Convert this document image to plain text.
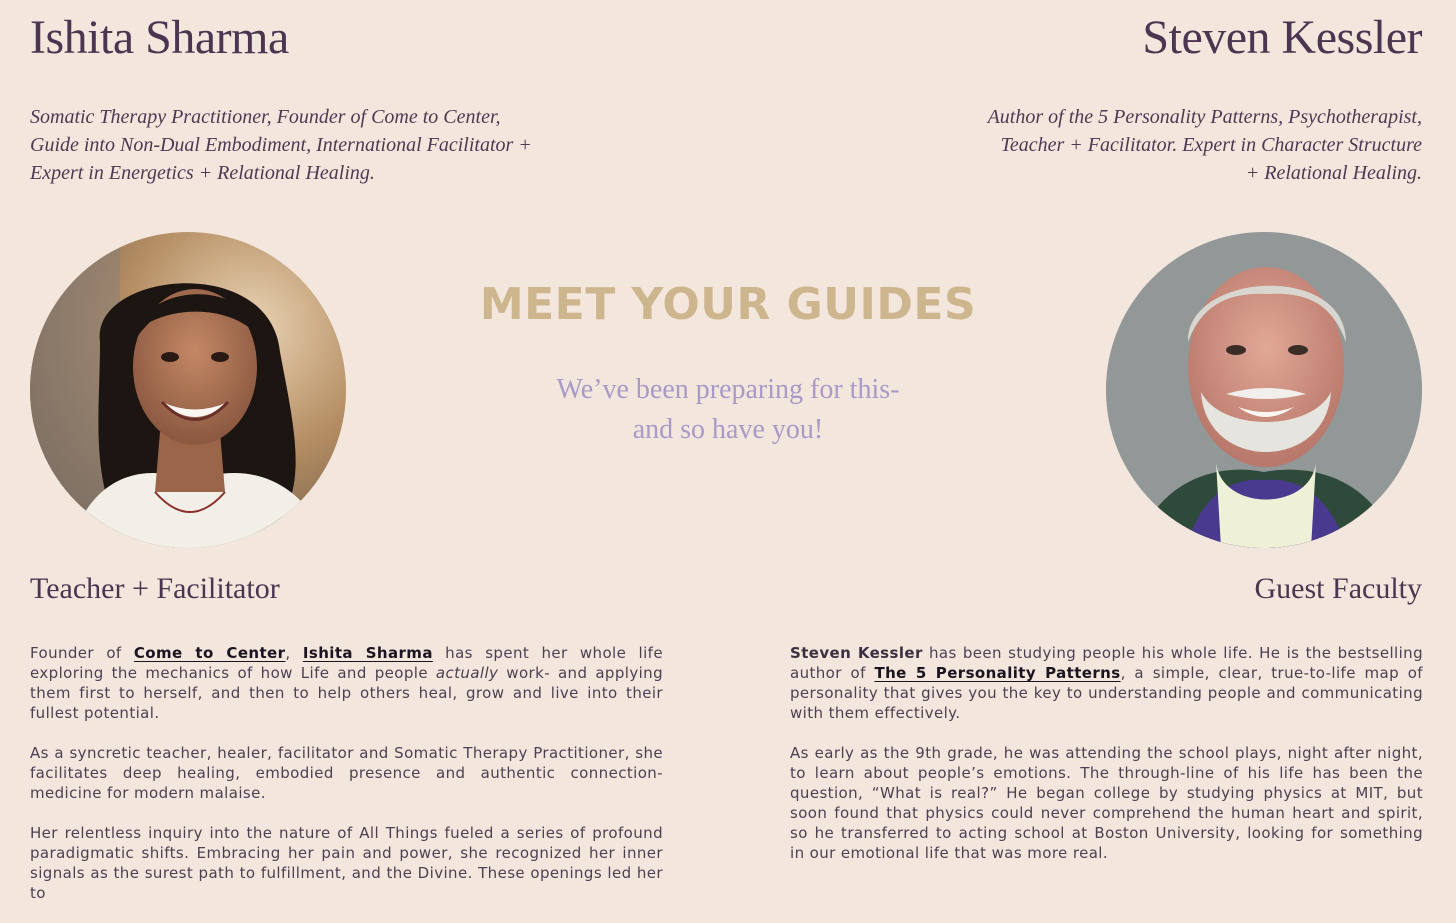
Ishita Sharma
Somatic Therapy Practitioner, Founder of Come to Center,
Guide into Non-Dual Embodiment, International Facilitator +
Expert in Energetics + Relational Healing.
Teacher + Facilitator

Founder of Come to Center, Ishita Sharma has spent her whole life exploring the mechanics of how Life and people actually work- and applying them first to herself, and then to help others heal, grow and live into their fullest potential.

As a syncretic teacher, healer, facilitator and Somatic Therapy Practitioner, she facilitates deep healing, embodied presence and authentic connection- medicine for modern malaise.

Her relentless inquiry into the nature of All Things fueled a series of profound paradigmatic shifts. Embracing her pain and power, she recognized her inner signals as the surest path to fulfillment, and the Divine. These openings led her to

MEET YOUR GUIDES
We’ve been preparing for this-
and so have you!
Steven Kessler
Author of the 5 Personality Patterns, Psychotherapist,
Teacher + Facilitator. Expert in Character Structure
+ Relational Healing.
Guest Faculty

Steven Kessler has been studying people his whole life. He is the bestselling author of The 5 Personality Patterns, a simple, clear, true-to-life map of personality that gives you the key to understanding people and communicating with them effectively.

As early as the 9th grade, he was attending the school plays, night after night, to learn about people’s emotions. The through-line of his life has been the question, “What is real?” He began college by studying physics at MIT, but soon found that physics could never comprehend the human heart and spirit, so he transferred to acting school at Boston University, looking for something in our emotional life that was more real.
